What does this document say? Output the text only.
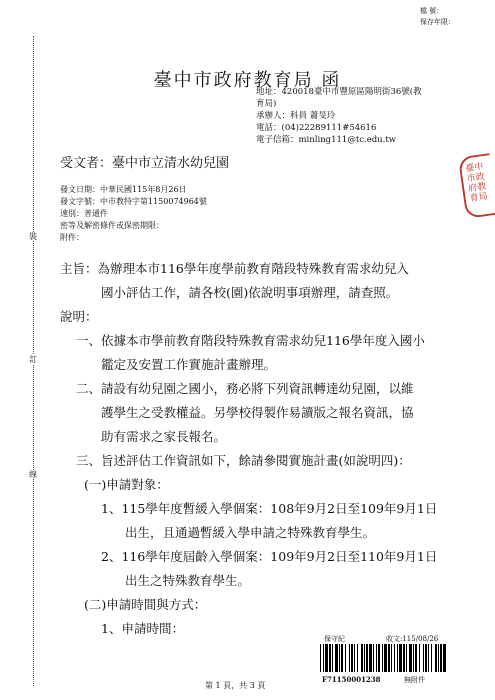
檔 號：
保存年限：
裝
訂
線
臺中市政府教育局 函
地址：420018臺中市豐原區陽明街36號(教
育局)
承辦人：科員 蕭旻玲
電話：(04)22289111#54616
電子信箱：minling111@tc.edu.tw
受文者：臺中市立清水幼兒園	臺中市政府教育局
發文日期：中華民國115年8月26日
發文字號：中市教特字第1150074964號
速別：普通件
密等及解密條件或保密期限：
附件：
主旨：為辦理本市116學年度學前教育階段特殊教育需求幼兒入
國小評估工作，請各校(園)依說明事項辦理，請查照。
說明：
一、依據本市學前教育階段特殊教育需求幼兒116學年度入國小
鑑定及安置工作實施計畫辦理。
二、請設有幼兒園之國小，務必將下列資訊轉達幼兒園，以維
護學生之受教權益。另學校得製作易讀版之報名資訊，協
助有需求之家長報名。
三、旨述評估工作資訊如下，餘請參閱實施計畫(如說明四)：
(一)申請對象：
1、115學年度暫緩入學個案：108年9月2日至109年9月1日
出生，且通過暫緩入學申請之特殊教育學生。
2、116學年度屆齡入學個案：109年9月2日至110年9月1日
出生之特殊教育學生。
(二)申請時間與方式：
1、申請時間：
第 1 頁，共 3 頁
保守紀	收文:115/08/26
F71150001238	無附件
